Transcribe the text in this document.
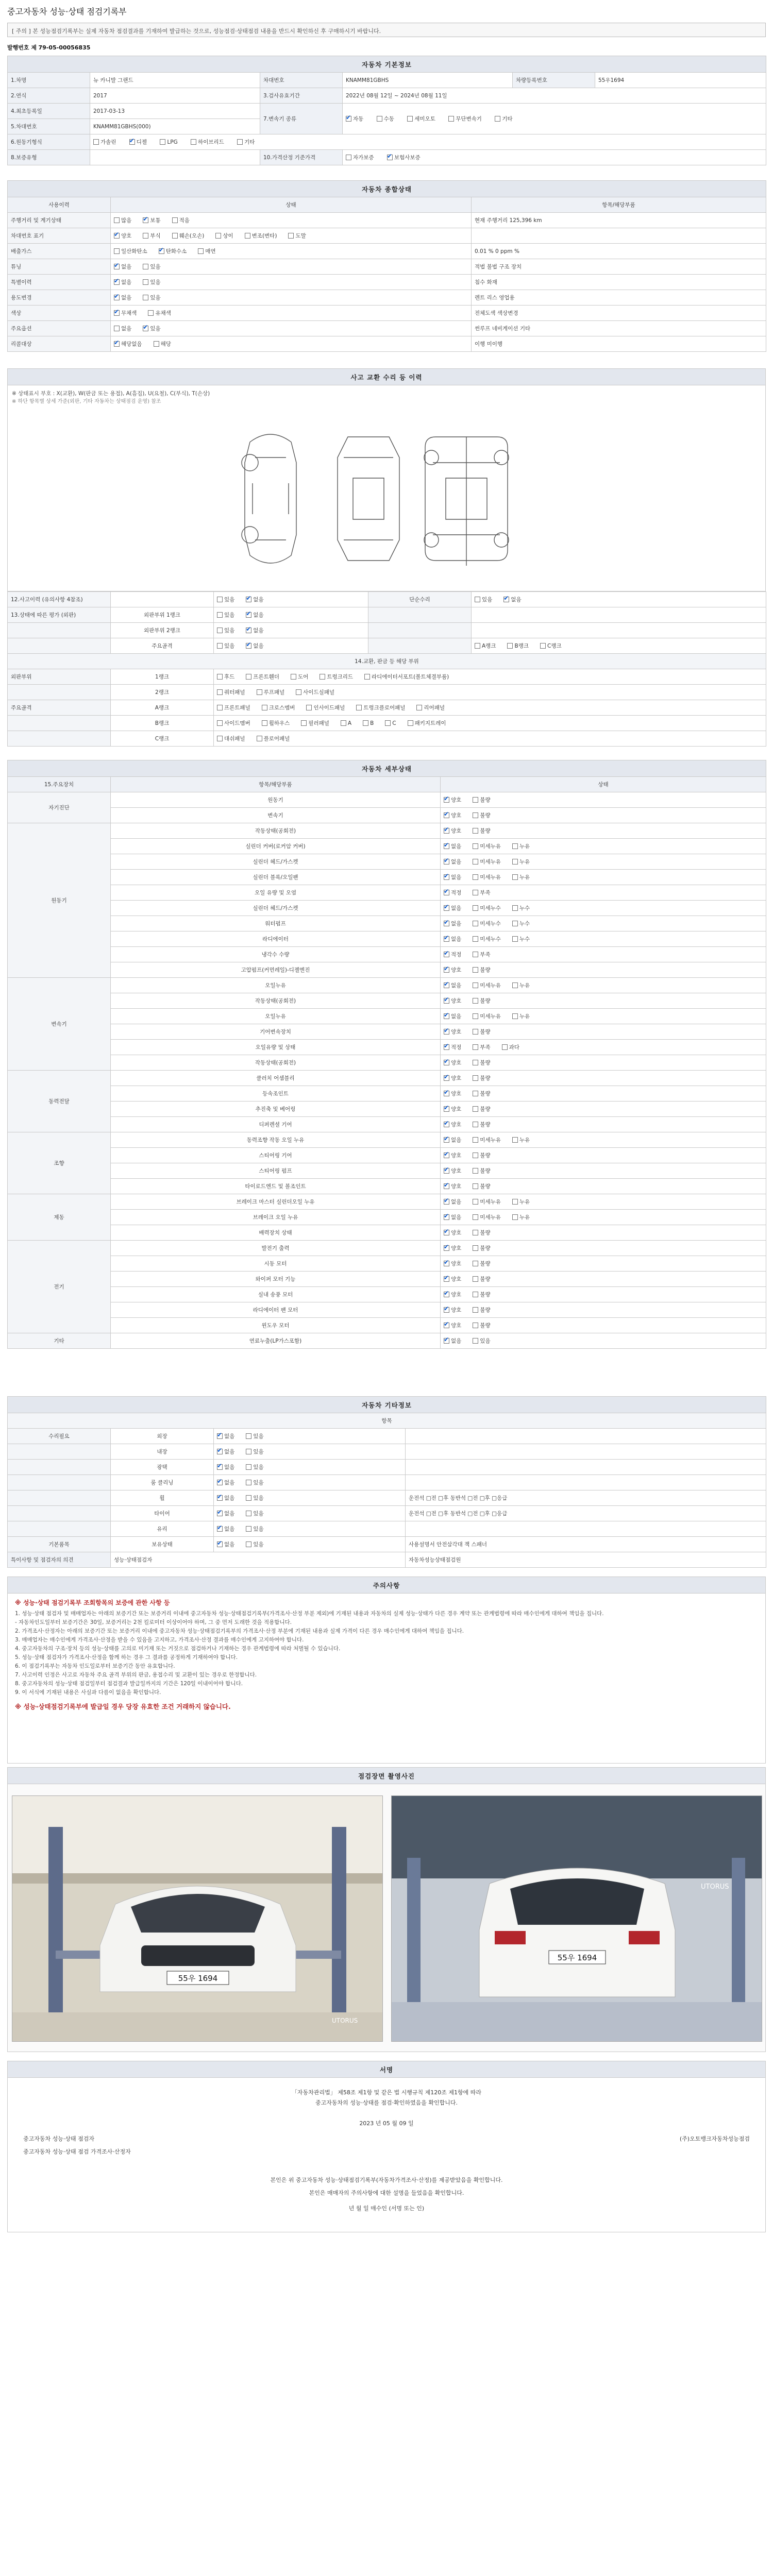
중고자동차 성능·상태 점검기록부
[ 주의 ] 본 성능점검기록부는 실제 자동차 점검결과를 기재하여 발급하는 것으로, 성능점검·상태점검 내용을 반드시 확인하신 후 구매하시기 바랍니다.
발행번호 제 79-05-00056835
자동차 기본정보					
1.차명	뉴 카니발 그랜드	차대번호	KNAMM81GBHS	차량등록번호	55우1694
2.연식	2017	3.검사유효기간	2022년 08월 12일 ~ 2024년 08월 11일		
4.최초등록일	2017-03-13	7.변속기 종류	✔자동 수동 세미오토 무단변속기 기타
5.차대번호	KNAMM81GBHS(000)				
6.원동기형식	가솔린 ✔ 디젤 LPG 하이브리드 기타
8.보증유형		10.가격산정 기준가격	자가보증 ✔ 보험사보증
자동차 종합상태		
사용이력	상태	항목/해당부품
주행거리 및 계기상태	많음 ✔ 보통 적음	현재 주행거리 125,396 km
차대번호 표기	✔양호 부식 훼손(오손) 상이 변조(변타) 도말	
배출가스	일산화탄소 ✔ 탄화수소 매연	0.01 % 0 ppm %
튜닝	✔없음 있음	적법 불법 구조 장치
특별이력	✔없음 있음	침수 화재
용도변경	✔없음 있음	렌트 리스 영업용
색상	✔무채색 유채색	전체도색 색상변경
주요옵션	없음 ✔ 있음	썬루프 네비게이션 기타
리콜대상	✔해당없음 해당	이행 미이행
사고 교환 수리 등 이력
※ 상태표시 부호 : X(교환), W(판금 또는 용접), A(흠집), U(요철), C(부식), T(손상)
※ 하단 항목별 상세 가준(외판, 기타 자동차는 상태점검 운영) 참조
12.사고이력 (유의사항 4참조)		있음 ✔ 없음	단순수리	있음 ✔ 없음
13.상태에 따른 평가 (외판)	외판부위 1랭크	있음 ✔ 없음		
	외판부위 2랭크	있음 ✔ 없음		
	주요골격	있음 ✔ 없음		A랭크 B랭크 C랭크
14.교환, 판금 등 해당 부위				
외판부위	1랭크	후드 프론트휀더 도어 트렁크리드 라디에이터서포트(볼트체결부품)		
	2랭크	쿼터패널 루프패널 사이드실패널		
주요골격	A랭크	프론트패널 크로스멤버 인사이드패널 트렁크플로어패널 리어패널		
	B랭크	사이드멤버 휠하우스 필러패널 A B C 패키지트레이		
	C랭크	대쉬패널 플로어패널		
자동차 세부상태		
15.주요장치	항목/해당부품	상태
자기진단	원동기	✔양호 불량
	변속기	✔양호 불량
원동기	작동상태(공회전)	✔양호 불량
	실린더 커버(로커암 커버)	✔없음 미세누유 누유
	실린더 헤드/가스켓	✔없음 미세누유 누유
	실린더 블록/오일팬	✔없음 미세누유 누유
	오일 유량 및 오염	✔적정 부족
	실린더 헤드/가스켓	✔없음 미세누수 누수
	워터펌프	✔없음 미세누수 누수
	라디에이터	✔없음 미세누수 누수
	냉각수 수량	✔적정 부족
	고압펌프(커먼레일)-디젤엔진	✔양호 불량
변속기	오일누유	✔없음 미세누유 누유
	작동상태(공회전)	✔양호 불량
	오일누유	✔없음 미세누유 누유
	기어변속장치	✔양호 불량
	오일유량 및 상태	✔적정 부족 과다
	작동상태(공회전)	✔양호 불량
동력전달	클러치 어셈블리	✔양호 불량
	등속조인트	✔양호 불량
	추진축 및 베어링	✔양호 불량
	디퍼렌셜 기어	✔양호 불량
조향	동력조향 작동 오일 누유	✔없음 미세누유 누유
	스티어링 기어	✔양호 불량
	스티어링 펌프	✔양호 불량
	타이로드엔드 및 볼조인트	✔양호 불량
제동	브레이크 마스터 실린더오일 누유	✔없음 미세누유 누유
	브레이크 오일 누유	✔없음 미세누유 누유
	배력장치 상태	✔양호 불량
전기	발전기 출력	✔양호 불량
	시동 모터	✔양호 불량
	와이퍼 모터 기능	✔양호 불량
	실내 송풍 모터	✔양호 불량
	라디에이터 팬 모터	✔양호 불량
	윈도우 모터	✔양호 불량
기타	연료누출(LP가스포함)	✔없음 있음
자동차 기타정보			
항목			
수리필요	외장	✔없음 있음	
	내장	✔없음 있음	
	광택	✔없음 있음	
	룸 클리닝	✔없음 있음	
	휠	✔없음 있음	운전석 □전 □후 동반석 □전 □후 □응급
	타이어	✔없음 있음	운전석 □전 □후 동반석 □전 □후 □응급
	유리	✔없음 있음	
기본품목	보유상태	✔없음 있음	사용설명서 안전삼각대 잭 스패너
특이사항 및 점검자의 의견	성능·상태점검자		자동차성능상태점검원
주의사항
※ 성능·상태 점검기록부 조회항목의 보증에 관한 사항 등

1. 성능·상태 점검자 및 매매업자는 아래의 보증기간 또는 보증거리 이내에 중고자동차 성능·상태점검기록부(가격조사·산정 부분 제외)에 기재된 내용과 자동차의 실제 성능·상태가 다른 경우 계약 또는 관계법령에 따라 매수인에게 대하여 책임을 집니다.

- 자동차인도일부터 보증기간은 30일, 보증거리는 2천 킬로미터 이상이어야 하며, 그 중 먼저 도래한 것을 적용합니다.

2. 가격조사·산정자는 아래의 보증기간 또는 보증거리 이내에 중고자동차 성능·상태점검기록부의 가격조사·산정 부분에 기재된 내용과 실제 가격이 다른 경우 매수인에게 대하여 책임을 집니다.

3. 매매업자는 매수인에게 가격조사·산정을 받을 수 있음을 고지하고, 가격조사·산정 결과를 매수인에게 고지하여야 합니다.

4. 중고자동차의 구조·장치 등의 성능·상태를 고의로 미기재 또는 거짓으로 점검하거나 기재하는 경우 관계법령에 따라 처벌될 수 있습니다.

5. 성능·상태 점검자가 가격조사·산정을 함께 하는 경우 그 결과를 공정하게 기재하여야 합니다.

6. 이 점검기록부는 자동차 인도일로부터 보증기간 동안 유효합니다.

7. 사고이력 인정은 사고로 자동차 주요 골격 부위의 판금, 용접수리 및 교환이 있는 경우로 한정합니다.

8. 중고자동차의 성능·상태 점검일부터 점검결과 발급일까지의 기간은 120일 이내이어야 합니다.

9. 이 서식에 기재된 내용은 사실과 다름이 없음을 확인합니다.

※ 성능·상태점검기록부에 발급일 경우 당장 유효한 조건 거래하지 않습니다.
점검장면 촬영사진
55우 1694
UTORUS
55우 1694
UTORUS
서명
「자동차관리법」 제58조 제1항 및 같은 법 시행규칙 제120조 제1항에 따라
중고자동차의 성능·상태를 점검·확인하였음을 확인합니다.
2023 년 05 월 09 일
중고자동차 성능·상태 점검자	(주)오토뱅크자동차성능점검
중고자동차 성능·상태 점검 가격조사·산정자
본인은 위 중고자동차 성능·상태점검기록부(자동차가격조사·산정)를 제공받았음을 확인합니다.
본인은 매매자의 주의사항에 대한 설명을 들었음을 확인합니다.
년 월 일 매수인 (서명 또는 인)
